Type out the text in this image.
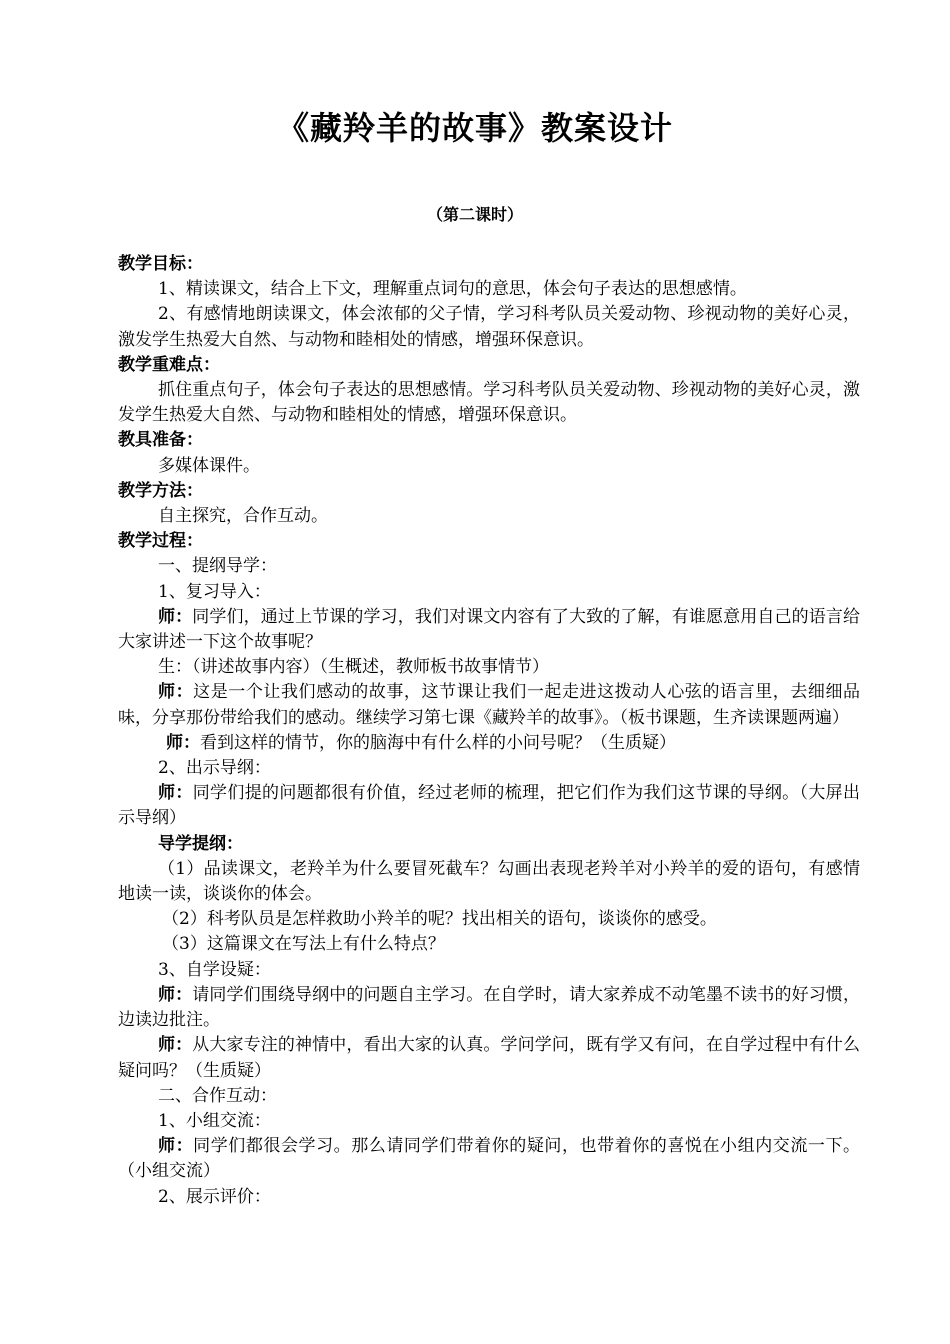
《藏羚羊的故事》教案设计
（第二课时）

教学目标：

1、精读课文，结合上下文，理解重点词句的意思，体会句子表达的思想感情。

2、有感情地朗读课文，体会浓郁的父子情，学习科考队员关爱动物、珍视动物的美好心灵，激发学生热爱大自然、与动物和睦相处的情感，增强环保意识。

教学重难点：

抓住重点句子，体会句子表达的思想感情。学习科考队员关爱动物、珍视动物的美好心灵，激发学生热爱大自然、与动物和睦相处的情感，增强环保意识。

教具准备：

多媒体课件。

教学方法：

自主探究，合作互动。

教学过程：

一、提纲导学：

1、复习导入：

师：同学们，通过上节课的学习，我们对课文内容有了大致的了解，有谁愿意用自己的语言给大家讲述一下这个故事呢？

生：（讲述故事内容）（生概述，教师板书故事情节）

师：这是一个让我们感动的故事，这节课让我们一起走进这拨动人心弦的语言里，去细细品味，分享那份带给我们的感动。继续学习第七课《藏羚羊的故事》。（板书课题，生齐读课题两遍）

师：看到这样的情节，你的脑海中有什么样的小问号呢？（生质疑）

2、出示导纲：

师：同学们提的问题都很有价值，经过老师的梳理，把它们作为我们这节课的导纲。（大屏出示导纲）

导学提纲：

（1）品读课文，老羚羊为什么要冒死截车？勾画出表现老羚羊对小羚羊的爱的语句，有感情地读一读，谈谈你的体会。

（2）科考队员是怎样救助小羚羊的呢？找出相关的语句，谈谈你的感受。

（3）这篇课文在写法上有什么特点？

3、自学设疑：

师：请同学们围绕导纲中的问题自主学习。在自学时，请大家养成不动笔墨不读书的好习惯，边读边批注。

师：从大家专注的神情中，看出大家的认真。学问学问，既有学又有问，在自学过程中有什么疑问吗？（生质疑）

二、合作互动：

1、小组交流：

师：同学们都很会学习。那么请同学们带着你的疑问，也带着你的喜悦在小组内交流一下。（小组交流）

2、展示评价：
